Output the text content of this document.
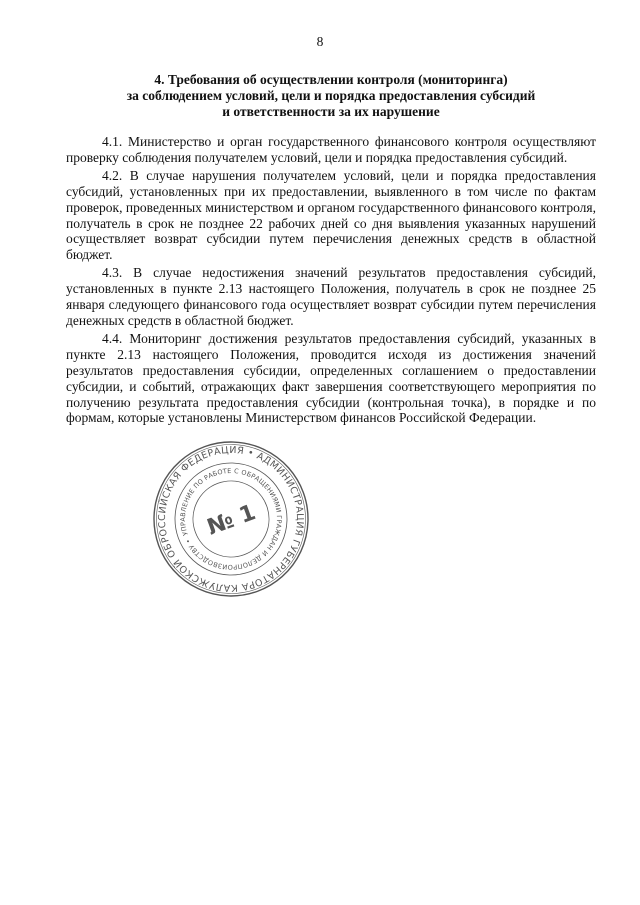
8
4. Требования об осуществлении контроля (мониторинга)
за соблюдением условий, цели и порядка предоставления субсидий
и ответственности за их нарушение

4.1. Министерство и орган государственного финансового контроля осуществляют проверку соблюдения получателем условий, цели и порядка предоставления субсидий.

4.2. В случае нарушения получателем условий, цели и порядка предоставления субсидий, установленных при их предоставлении, выявленного в том числе по фактам проверок, проведенных министерством и органом государственного финансового контроля, получатель в срок не позднее 22 рабочих дней со дня выявления указанных нарушений осуществляет возврат субсидии путем перечисления денежных средств в областной бюджет.

4.3. В случае недостижения значений результатов предоставления субсидий, установленных в пункте 2.13 настоящего Положения, получатель в срок не позднее 25 января следующего финансового года осуществляет возврат субсидии путем перечисления денежных средств в областной бюджет.

4.4. Мониторинг достижения результатов предоставления субсидий, указанных в пункте 2.13 настоящего Положения, проводится исходя из достижения значений результатов предоставления субсидии, определенных соглашением о предоставлении субсидии, и событий, отражающих факт завершения соответствующего мероприятия по получению результата предоставления субсидии (контрольная точка), в порядке и по формам, которые установлены Министерством финансов Российской Федерации.

РОССИЙСКАЯ ФЕДЕРАЦИЯ • АДМИНИСТРАЦИЯ ГУБЕРНАТОРА КАЛУЖСКОЙ ОБЛАСТИ
УПРАВЛЕНИЕ ПО РАБОТЕ С ОБРАЩЕНИЯМИ ГРАЖДАН И ДЕЛОПРОИЗВОДСТВУ •
№ 1
